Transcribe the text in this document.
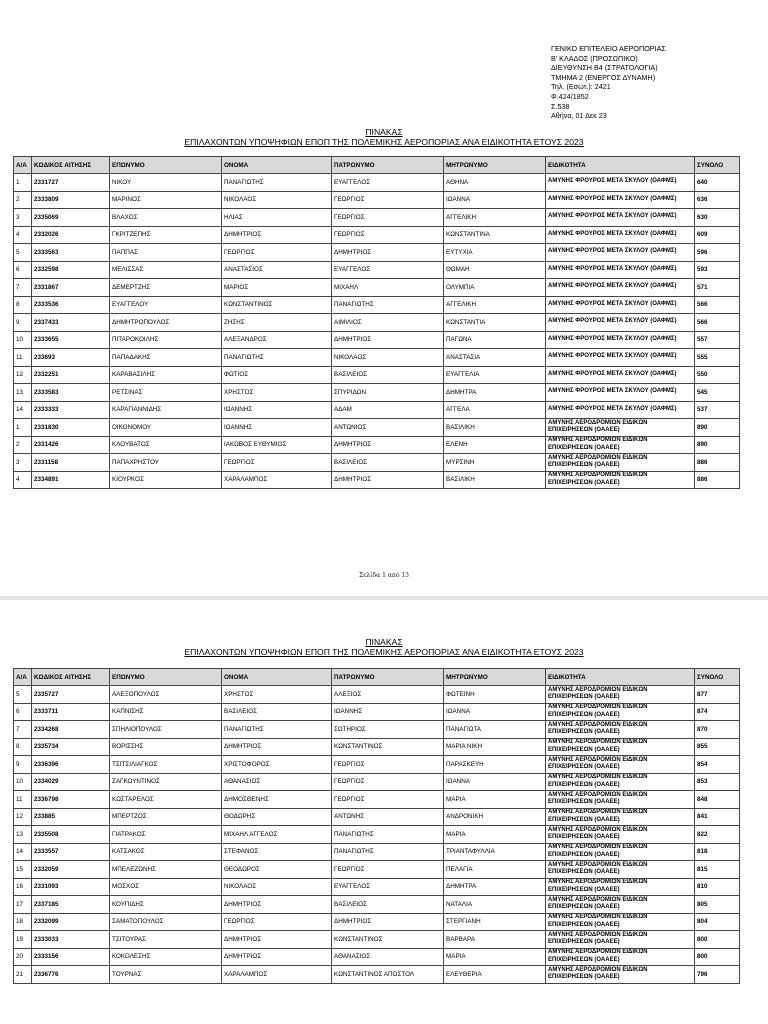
ΓΕΝΙΚΟ ΕΠΙΤΕΛΕΙΟ ΑΕΡΟΠΟΡΙΑΣ
Β' ΚΛΑΔΟΣ (ΠΡΟΣΩΠΙΚΟ)
ΔΙΕΥΘΥΝΣΗ Β4 (ΣΤΡΑΤΟΛΟΓΙΑ)
ΤΜΗΜΑ 2 (ΕΝΕΡΓΟΣ ΔΥΝΑΜΗ)
Τηλ. (Εσωτ.): 2421
Φ.424/1852
Σ.538
Αθήνα, 01 Δεκ 23
ΠΙΝΑΚΑΣ
ΕΠΙΛΑΧΟΝΤΩΝ ΥΠΟΨΗΦΙΩΝ ΕΠΟΠ ΤΗΣ ΠΟΛΕΜΙΚΗΣ ΑΕΡΟΠΟΡΙΑΣ ΑΝΑ ΕΙΔΙΚΟΤΗΤΑ ΕΤΟΥΣ 2023
Α/Α	ΚΩΔΙΚΟΣ ΑΙΤΗΣΗΣ	ΕΠΩΝΥΜΟ	ΟΝΟΜΑ	ΠΑΤΡΩΝΥΜΟ	ΜΗΤΡΩΝΥΜΟ	ΕΙΔΙΚΟΤΗΤΑ	ΣΥΝΟΛΟ
1	2331727	ΝΙΚΟΥ	ΠΑΝΑΓΙΩΤΗΣ	ΕΥΑΓΓΕΛΟΣ	ΑΘΗΝΑ	ΑΜΥΝΗΣ ΦΡΟΥΡΟΣ ΜΕΤΑ ΣΚΥΛΟΥ (ΟΑΦΜΣ)	640
2	2333809	ΜΑΡΙΝΟΣ	ΝΙΚΟΛΑΟΣ	ΓΕΩΡΓΙΟΣ	ΙΩΑΝΝΑ	ΑΜΥΝΗΣ ΦΡΟΥΡΟΣ ΜΕΤΑ ΣΚΥΛΟΥ (ΟΑΦΜΣ)	636
3	2335069	ΒΛΑΧΟΣ	ΗΛΙΑΣ	ΓΕΩΡΓΙΟΣ	ΑΓΓΕΛΙΚΗ	ΑΜΥΝΗΣ ΦΡΟΥΡΟΣ ΜΕΤΑ ΣΚΥΛΟΥ (ΟΑΦΜΣ)	630
4	2332026	ΓΚΡΙΤΖΕΠΗΣ	ΔΗΜΗΤΡΙΟΣ	ΓΕΩΡΓΙΟΣ	ΚΩΝΣΤΑΝΤΙΝΑ	ΑΜΥΝΗΣ ΦΡΟΥΡΟΣ ΜΕΤΑ ΣΚΥΛΟΥ (ΟΑΦΜΣ)	609
5	2333563	ΠΑΠΠΑΣ	ΓΕΩΡΓΙΟΣ	ΔΗΜΗΤΡΙΟΣ	ΕΥΤΥΧΙΑ	ΑΜΥΝΗΣ ΦΡΟΥΡΟΣ ΜΕΤΑ ΣΚΥΛΟΥ (ΟΑΦΜΣ)	596
6	2332598	ΜΕΛΙΣΣΑΣ	ΑΝΑΣΤΑΣΙΟΣ	ΕΥΑΓΓΕΛΟΣ	ΘΩΜΑΗ	ΑΜΥΝΗΣ ΦΡΟΥΡΟΣ ΜΕΤΑ ΣΚΥΛΟΥ (ΟΑΦΜΣ)	593
7	2331867	ΔΕΜΕΡΤΖΗΣ	ΜΑΡΙΟΣ	ΜΙΧΑΗΛ	ΟΛΥΜΠΙΑ	ΑΜΥΝΗΣ ΦΡΟΥΡΟΣ ΜΕΤΑ ΣΚΥΛΟΥ (ΟΑΦΜΣ)	571
8	2333536	ΕΥΑΓΓΕΛΟΥ	ΚΩΝΣΤΑΝΤΙΝΟΣ	ΠΑΝΑΓΙΩΤΗΣ	ΑΓΓΕΛΙΚΗ	ΑΜΥΝΗΣ ΦΡΟΥΡΟΣ ΜΕΤΑ ΣΚΥΛΟΥ (ΟΑΦΜΣ)	566
9	2337433	ΔΗΜΗΤΡΟΠΟΥΛΟΣ	ΖΗΣΗΣ	ΑΙΜΙΛΙΟΣ	ΚΩΝΣΤΑΝΤΙΑ	ΑΜΥΝΗΣ ΦΡΟΥΡΟΣ ΜΕΤΑ ΣΚΥΛΟΥ (ΟΑΦΜΣ)	566
10	2333655	ΠΙΤΑΡΟΚΟΙΛΗΣ	ΑΛΕΞΑΝΔΡΟΣ	ΔΗΜΗΤΡΙΟΣ	ΠΑΓΩΝΑ	ΑΜΥΝΗΣ ΦΡΟΥΡΟΣ ΜΕΤΑ ΣΚΥΛΟΥ (ΟΑΦΜΣ)	557
11	233693	ΠΑΠΑΔΑΚΗΣ	ΠΑΝΑΓΙΩΤΗΣ	ΝΙΚΟΛΑΟΣ	ΑΝΑΣΤΑΣΙΑ	ΑΜΥΝΗΣ ΦΡΟΥΡΟΣ ΜΕΤΑ ΣΚΥΛΟΥ (ΟΑΦΜΣ)	555
12	2332251	ΚΑΡΑΒΑΣΙΛΗΣ	ΦΩΤΙΟΣ	ΒΑΣΙΛΕΙΟΣ	ΕΥΑΓΓΕΛΙΑ	ΑΜΥΝΗΣ ΦΡΟΥΡΟΣ ΜΕΤΑ ΣΚΥΛΟΥ (ΟΑΦΜΣ)	550
13	2333583	ΡΕΤΣΙΝΑΣ	ΧΡΗΣΤΟΣ	ΣΠΥΡΙΔΩΝ	ΔΗΜΗΤΡΑ	ΑΜΥΝΗΣ ΦΡΟΥΡΟΣ ΜΕΤΑ ΣΚΥΛΟΥ (ΟΑΦΜΣ)	545
14	2333333	ΚΑΡΑΓΙΑΝΝΙΔΗΣ	ΙΩΑΝΝΗΣ	ΑΔΑΜ	ΑΓΓΕΛΑ	ΑΜΥΝΗΣ ΦΡΟΥΡΟΣ ΜΕΤΑ ΣΚΥΛΟΥ (ΟΑΦΜΣ)	537
1	2331830	ΟΙΚΟΝΟΜΟΥ	ΙΩΑΝΝΗΣ	ΑΝΤΩΝΙΟΣ	ΒΑΣΙΛΙΚΗ	ΑΜΥΝΗΣ ΑΕΡΟΔΡΟΜΙΩΝ ΕΙΔΙΚΩΝ ΕΠΙΧΕΙΡΗΣΕΩΝ (ΟΑΑΕΕ)	890
2	2331426	ΚΛΟΥΒΑΤΟΣ	ΙΑΚΩΒΟΣ ΕΥΘΥΜΙΟΣ	ΔΗΜΗΤΡΙΟΣ	ΕΛΕΝΗ	ΑΜΥΝΗΣ ΑΕΡΟΔΡΟΜΙΩΝ ΕΙΔΙΚΩΝ ΕΠΙΧΕΙΡΗΣΕΩΝ (ΟΑΑΕΕ)	890
3	2331158	ΠΑΠΑΧΡΗΣΤΟΥ	ΓΕΩΡΓΙΟΣ	ΒΑΣΙΛΕΙΟΣ	ΜΥΡΣΙΝΗ	ΑΜΥΝΗΣ ΑΕΡΟΔΡΟΜΙΩΝ ΕΙΔΙΚΩΝ ΕΠΙΧΕΙΡΗΣΕΩΝ (ΟΑΑΕΕ)	886
4	2334891	ΚΙΟΥΡΚΟΣ	ΧΑΡΑΛΑΜΠΟΣ	ΔΗΜΗΤΡΙΟΣ	ΒΑΣΙΛΙΚΗ	ΑΜΥΝΗΣ ΑΕΡΟΔΡΟΜΙΩΝ ΕΙΔΙΚΩΝ ΕΠΙΧΕΙΡΗΣΕΩΝ (ΟΑΑΕΕ)	886
Σελίδα 1 από 13
ΠΙΝΑΚΑΣ
ΕΠΙΛΑΧΟΝΤΩΝ ΥΠΟΨΗΦΙΩΝ ΕΠΟΠ ΤΗΣ ΠΟΛΕΜΙΚΗΣ ΑΕΡΟΠΟΡΙΑΣ ΑΝΑ ΕΙΔΙΚΟΤΗΤΑ ΕΤΟΥΣ 2023
Α/Α	ΚΩΔΙΚΟΣ ΑΙΤΗΣΗΣ	ΕΠΩΝΥΜΟ	ΟΝΟΜΑ	ΠΑΤΡΩΝΥΜΟ	ΜΗΤΡΩΝΥΜΟ	ΕΙΔΙΚΟΤΗΤΑ	ΣΥΝΟΛΟ
5	2335727	ΑΛΕΞΟΠΟΥΛΟΣ	ΧΡΗΣΤΟΣ	ΑΛΕΞΙΟΣ	ΦΩΤΕΙΝΗ	ΑΜΥΝΗΣ ΑΕΡΟΔΡΟΜΙΩΝ ΕΙΔΙΚΩΝ ΕΠΙΧΕΙΡΗΣΕΩΝ (ΟΑΑΕΕ)	877
6	2333711	ΚΑΠΝΙΣΗΣ	ΒΑΣΙΛΕΙΟΣ	ΙΩΑΝΝΗΣ	ΙΩΑΝΝΑ	ΑΜΥΝΗΣ ΑΕΡΟΔΡΟΜΙΩΝ ΕΙΔΙΚΩΝ ΕΠΙΧΕΙΡΗΣΕΩΝ (ΟΑΑΕΕ)	874
7	2334268	ΣΠΗΛΙΟΠΟΥΛΟΣ	ΠΑΝΑΓΙΩΤΗΣ	ΣΩΤΗΡΙΟΣ	ΠΑΝΑΓΙΩΤΑ	ΑΜΥΝΗΣ ΑΕΡΟΔΡΟΜΙΩΝ ΕΙΔΙΚΩΝ ΕΠΙΧΕΙΡΗΣΕΩΝ (ΟΑΑΕΕ)	870
8	2335734	ΒΟΡΙΣΣΗΣ	ΔΗΜΗΤΡΙΟΣ	ΚΩΝΣΤΑΝΤΙΝΟΣ	ΜΑΡΙΑ ΝΙΚΗ	ΑΜΥΝΗΣ ΑΕΡΟΔΡΟΜΙΩΝ ΕΙΔΙΚΩΝ ΕΠΙΧΕΙΡΗΣΕΩΝ (ΟΑΑΕΕ)	855
9	2336396	ΤΣΙΤΣΙΛΙΑΓΚΟΣ	ΧΡΙΣΤΟΦΟΡΟΣ	ΓΕΩΡΓΙΟΣ	ΠΑΡΑΣΚΕΥΗ	ΑΜΥΝΗΣ ΑΕΡΟΔΡΟΜΙΩΝ ΕΙΔΙΚΩΝ ΕΠΙΧΕΙΡΗΣΕΩΝ (ΟΑΑΕΕ)	854
10	2334029	ΖΑΓΚΟΥΝΤΙΝΟΣ	ΑΘΑΝΑΣΙΟΣ	ΓΕΩΡΓΙΟΣ	ΙΩΑΝΝΑ	ΑΜΥΝΗΣ ΑΕΡΟΔΡΟΜΙΩΝ ΕΙΔΙΚΩΝ ΕΠΙΧΕΙΡΗΣΕΩΝ (ΟΑΑΕΕ)	853
11	2336798	ΚΩΣΤΑΡΕΛΟΣ	ΔΗΜΟΣΘΕΝΗΣ	ΓΕΩΡΓΙΟΣ	ΜΑΡΙΑ	ΑΜΥΝΗΣ ΑΕΡΟΔΡΟΜΙΩΝ ΕΙΔΙΚΩΝ ΕΠΙΧΕΙΡΗΣΕΩΝ (ΟΑΑΕΕ)	848
12	233885	ΜΠΕΡΤΖΟΣ	ΘΟΔΩΡΗΣ	ΑΝΤΩΝΗΣ	ΑΝΔΡΟΝΙΚΗ	ΑΜΥΝΗΣ ΑΕΡΟΔΡΟΜΙΩΝ ΕΙΔΙΚΩΝ ΕΠΙΧΕΙΡΗΣΕΩΝ (ΟΑΑΕΕ)	841
13	2335508	ΓΙΑΤΡΑΚΟΣ	ΜΙΧΑΗΛ ΑΓΓΕΛΟΣ	ΠΑΝΑΓΙΩΤΗΣ	ΜΑΡΙΑ	ΑΜΥΝΗΣ ΑΕΡΟΔΡΟΜΙΩΝ ΕΙΔΙΚΩΝ ΕΠΙΧΕΙΡΗΣΕΩΝ (ΟΑΑΕΕ)	822
14	2333557	ΚΑΤΣΑΚΟΣ	ΣΤΕΦΑΝΟΣ	ΠΑΝΑΓΙΩΤΗΣ	ΤΡΙΑΝΤΑΦΥΛΛΙΑ	ΑΜΥΝΗΣ ΑΕΡΟΔΡΟΜΙΩΝ ΕΙΔΙΚΩΝ ΕΠΙΧΕΙΡΗΣΕΩΝ (ΟΑΑΕΕ)	818
15	2332059	ΜΠΕΛΕΖΩΝΗΣ	ΘΕΟΔΩΡΟΣ	ΓΕΩΡΓΙΟΣ	ΠΕΛΑΓΙΑ	ΑΜΥΝΗΣ ΑΕΡΟΔΡΟΜΙΩΝ ΕΙΔΙΚΩΝ ΕΠΙΧΕΙΡΗΣΕΩΝ (ΟΑΑΕΕ)	815
16	2331093	ΜΟΣΧΟΣ	ΝΙΚΟΛΑΟΣ	ΕΥΑΓΓΕΛΟΣ	ΔΗΜΗΤΡΑ	ΑΜΥΝΗΣ ΑΕΡΟΔΡΟΜΙΩΝ ΕΙΔΙΚΩΝ ΕΠΙΧΕΙΡΗΣΕΩΝ (ΟΑΑΕΕ)	810
17	2337185	ΚΟΥΠΙΔΗΣ	ΔΗΜΗΤΡΙΟΣ	ΒΑΣΙΛΕΙΟΣ	ΝΑΤΑΛΙΑ	ΑΜΥΝΗΣ ΑΕΡΟΔΡΟΜΙΩΝ ΕΙΔΙΚΩΝ ΕΠΙΧΕΙΡΗΣΕΩΝ (ΟΑΑΕΕ)	805
18	2332099	ΣΑΜΑΤΟΠΟΥΛΟΣ	ΓΕΩΡΓΙΟΣ	ΔΗΜΗΤΡΙΟΣ	ΣΤΕΡΓΙΑΝΗ	ΑΜΥΝΗΣ ΑΕΡΟΔΡΟΜΙΩΝ ΕΙΔΙΚΩΝ ΕΠΙΧΕΙΡΗΣΕΩΝ (ΟΑΑΕΕ)	804
19	2333033	ΤΣΙΤΟΥΡΑΣ	ΔΗΜΗΤΡΙΟΣ	ΚΩΝΣΤΑΝΤΙΝΟΣ	ΒΑΡΒΑΡΑ	ΑΜΥΝΗΣ ΑΕΡΟΔΡΟΜΙΩΝ ΕΙΔΙΚΩΝ ΕΠΙΧΕΙΡΗΣΕΩΝ (ΟΑΑΕΕ)	800
20	2333156	ΚΟΚΟΛΕΣΗΣ	ΔΗΜΗΤΡΙΟΣ	ΑΘΑΝΑΣΙΟΣ	ΜΑΡΙΑ	ΑΜΥΝΗΣ ΑΕΡΟΔΡΟΜΙΩΝ ΕΙΔΙΚΩΝ ΕΠΙΧΕΙΡΗΣΕΩΝ (ΟΑΑΕΕ)	800
21	2336776	ΤΟΥΡΝΑΣ	ΧΑΡΑΛΑΜΠΟΣ	ΚΩΝΣΤΑΝΤΙΝΟΣ ΑΠΟΣΤΟΛ	ΕΛΕΥΘΕΡΙΑ	ΑΜΥΝΗΣ ΑΕΡΟΔΡΟΜΙΩΝ ΕΙΔΙΚΩΝ ΕΠΙΧΕΙΡΗΣΕΩΝ (ΟΑΑΕΕ)	796
